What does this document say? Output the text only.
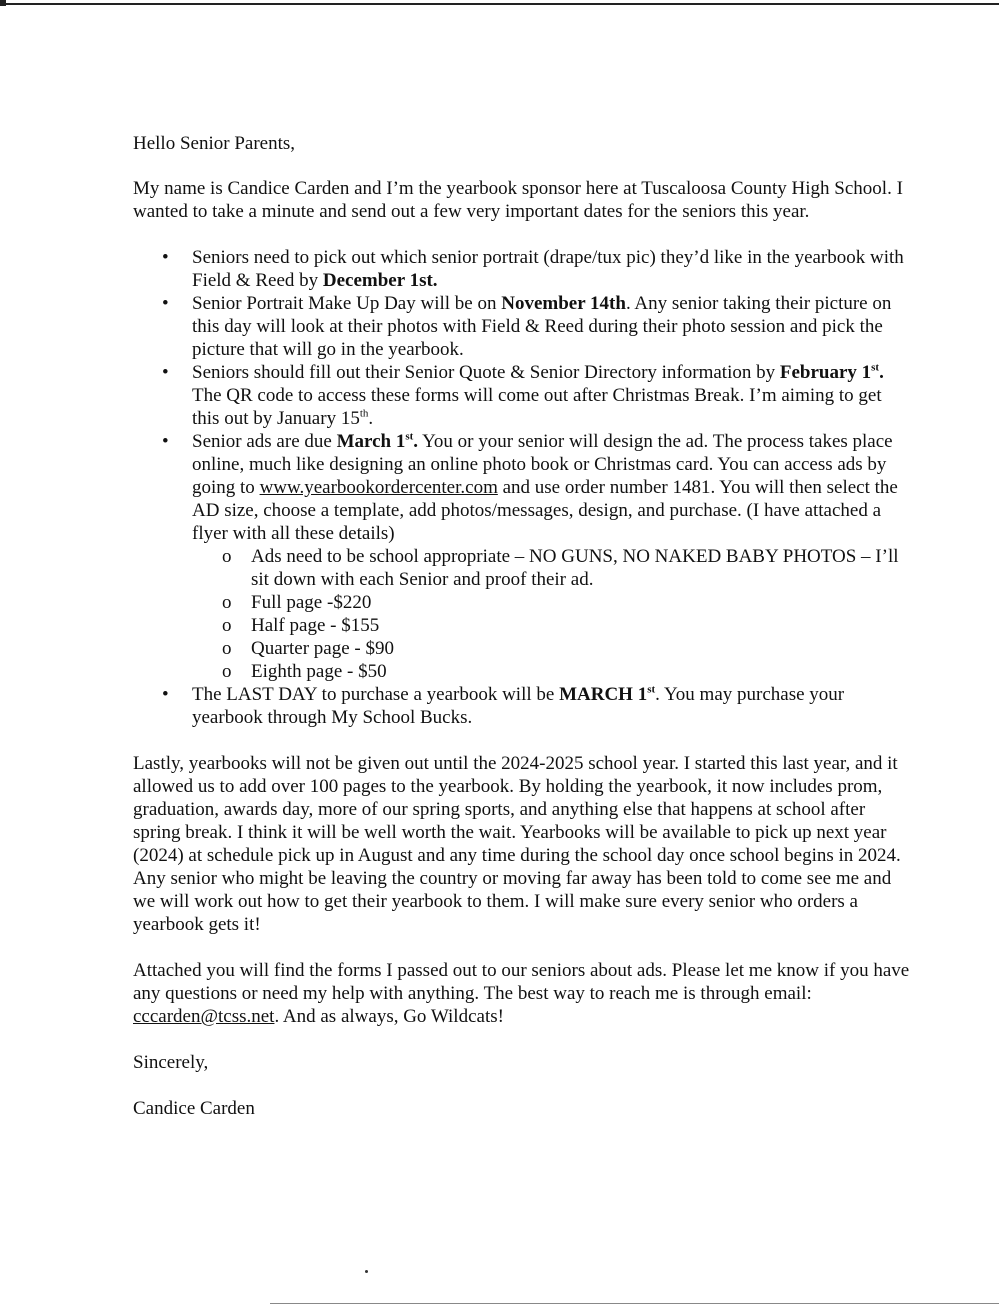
Hello Senior Parents,

My name is Candice Carden and I’m the yearbook sponsor here at Tuscaloosa County High School. I wanted to take a minute and send out a few very important dates for the seniors this year.

• Seniors need to pick out which senior portrait (drape/tux pic) they’d like in the yearbook with Field & Reed by December 1st.
• Senior Portrait Make Up Day will be on November 14th. Any senior taking their picture on this day will look at their photos with Field & Reed during their photo session and pick the picture that will go in the yearbook.
• Seniors should fill out their Senior Quote & Senior Directory information by February 1st. The QR code to access these forms will come out after Christmas Break. I’m aiming to get this out by January 15th.
• Senior ads are due March 1st. You or your senior will design the ad. The process takes place online, much like designing an online photo book or Christmas card. You can access ads by going to www.yearbookordercenter.com and use order number 1481. You will then select the AD size, choose a template, add photos/messages, design, and purchase. (I have attached a flyer with all these details)
o Ads need to be school appropriate – NO GUNS, NO NAKED BABY PHOTOS – I’ll sit down with each Senior and proof their ad.
o Full page -$220
o Half page - $155
o Quarter page - $90
o Eighth page - $50
• The LAST DAY to purchase a yearbook will be MARCH 1st. You may purchase your yearbook through My School Bucks.

Lastly, yearbooks will not be given out until the 2024-2025 school year. I started this last year, and it allowed us to add over 100 pages to the yearbook. By holding the yearbook, it now includes prom, graduation, awards day, more of our spring sports, and anything else that happens at school after spring break. I think it will be well worth the wait. Yearbooks will be available to pick up next year (2024) at schedule pick up in August and any time during the school day once school begins in 2024. Any senior who might be leaving the country or moving far away has been told to come see me and we will work out how to get their yearbook to them. I will make sure every senior who orders a yearbook gets it!

Attached you will find the forms I passed out to our seniors about ads. Please let me know if you have any questions or need my help with anything. The best way to reach me is through email: cccarden@tcss.net. And as always, Go Wildcats!

Sincerely,

Candice Carden
